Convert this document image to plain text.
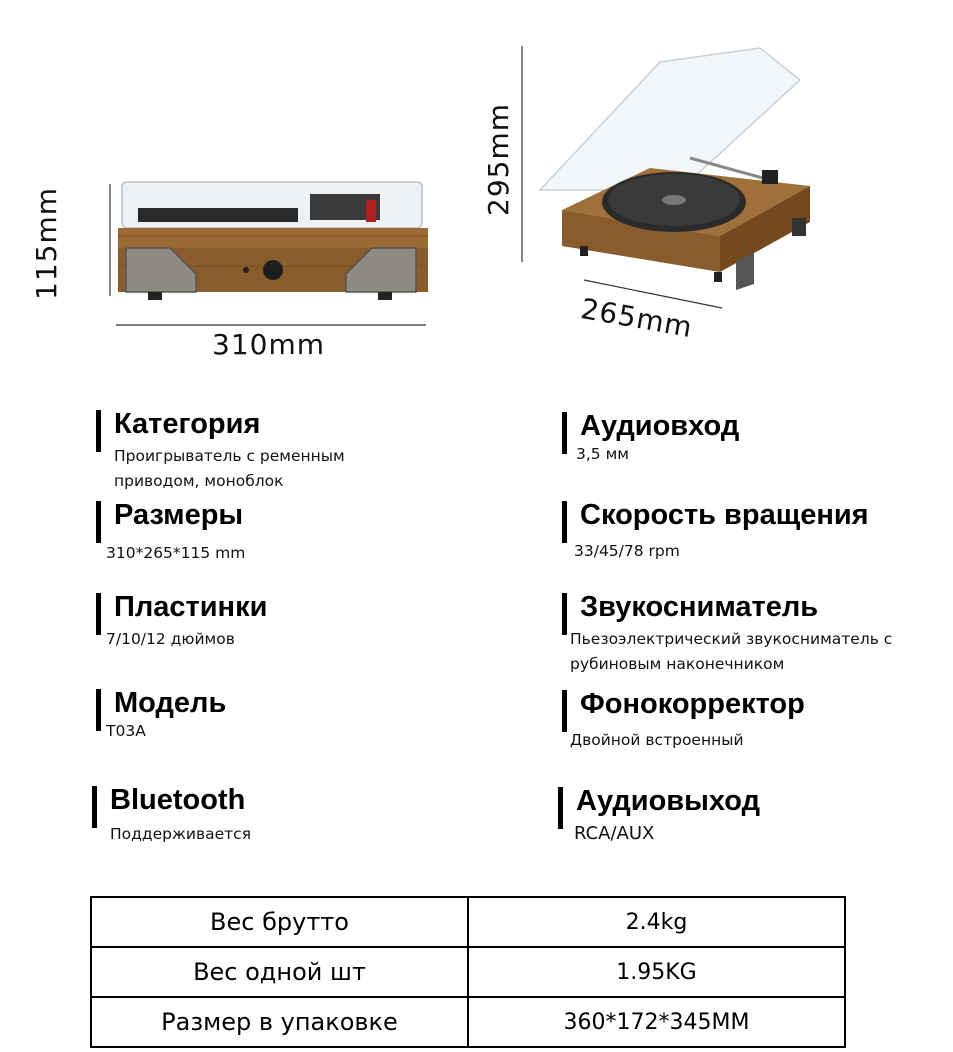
115mm
310mm
295mm
265mm
Категория
Проигрыватель с ременным
приводом, моноблок
Размеры
310*265*115 mm
Пластинки
7/10/12 дюймов
Модель
T03A
Bluetooth
Поддерживается
Аудиовход
3,5 мм
Скорость вращения
33/45/78 rpm
Звукосниматель
Пьезоэлектрический звукосниматель с
рубиновым наконечником
Фонокорректор
Двойной встроенный
Аудиовыход
RCA/AUX
Вес брутто	2.4kg
Вес одной шт	1.95KG
Размер в упаковке	360*172*345MM
